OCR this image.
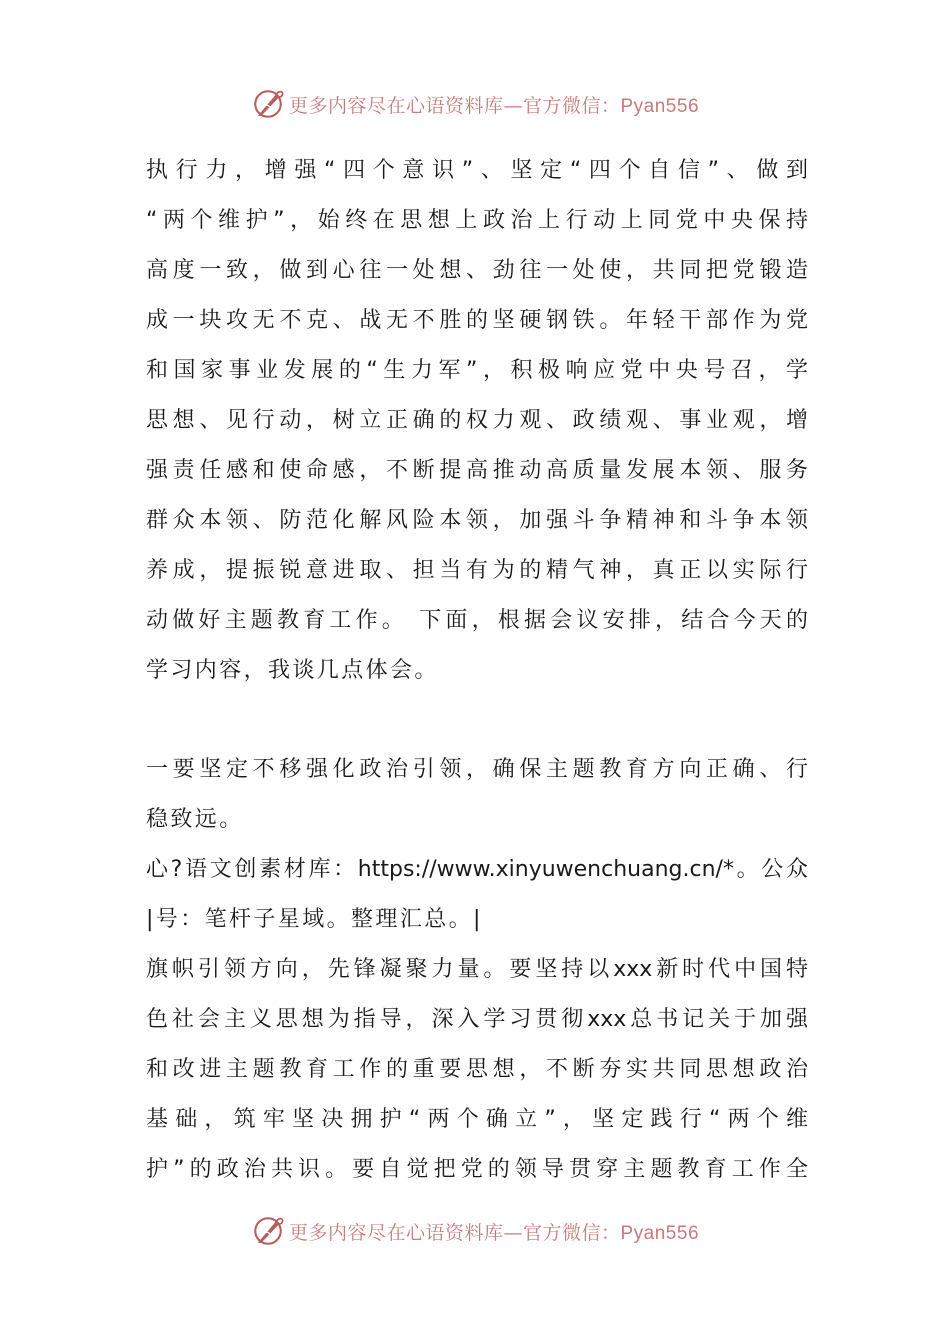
更多内容尽在心语资料库—官方微信：Pyan556
执行力，增强“四个意识”、坚定“四个自信”、做到
“两个维护”，始终在思想上政治上行动上同党中央保持
高度一致，做到心往一处想、劲往一处使，共同把党锻造
成一块攻无不克、战无不胜的坚硬钢铁。年轻干部作为党
和国家事业发展的“生力军”，积极响应党中央号召，学
思想、见行动，树立正确的权力观、政绩观、事业观，增
强责任感和使命感，不断提高推动高质量发展本领、服务
群众本领、防范化解风险本领，加强斗争精神和斗争本领
养成，提振锐意进取、担当有为的精气神，真正以实际行
动做好主题教育工作。 下面，根据会议安排，结合今天的
学习内容，我谈几点体会。
一要坚定不移强化政治引领，确保主题教育方向正确、行
稳致远。
心?语文创素材库：https://www.xinyuwenchuang.cn/*。公众
|号：笔杆子星域。整理汇总。|
旗帜引领方向，先锋凝聚力量。要坚持以xxx新时代中国特
色社会主义思想为指导，深入学习贯彻xxx总书记关于加强
和改进主题教育工作的重要思想，不断夯实共同思想政治
基础，筑牢坚决拥护“两个确立”，坚定践行“两个维
护”的政治共识。要自觉把党的领导贯穿主题教育工作全
更多内容尽在心语资料库—官方微信：Pyan556
